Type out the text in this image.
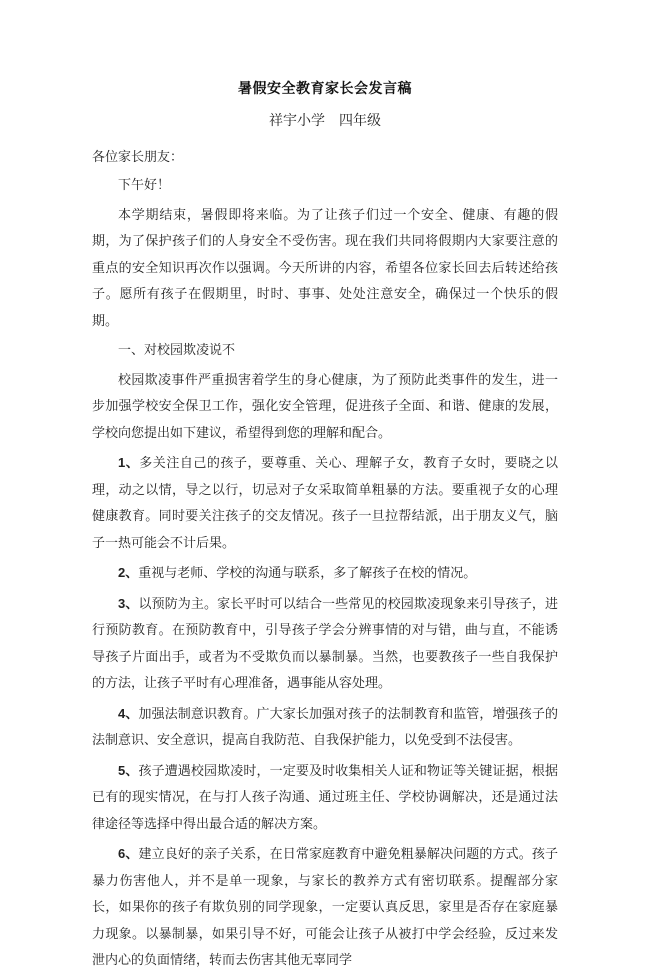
暑假安全教育家长会发言稿
祥宇小学　四年级
各位家长朋友：

下午好！

本学期结束，暑假即将来临。为了让孩子们过一个安全、健康、有趣的假期，为了保护孩子们的人身安全不受伤害。现在我们共同将假期内大家要注意的重点的安全知识再次作以强调。今天所讲的内容，希望各位家长回去后转述给孩子。愿所有孩子在假期里，时时、事事、处处注意安全，确保过一个快乐的假期。

一、对校园欺凌说不

校园欺凌事件严重损害着学生的身心健康，为了预防此类事件的发生，进一步加强学校安全保卫工作，强化安全管理，促进孩子全面、和谐、健康的发展，学校向您提出如下建议，希望得到您的理解和配合。

1、多关注自己的孩子，要尊重、关心、理解子女，教育子女时，要晓之以理，动之以情，导之以行，切忌对子女采取简单粗暴的方法。要重视子女的心理健康教育。同时要关注孩子的交友情况。孩子一旦拉帮结派，出于朋友义气，脑子一热可能会不计后果。

2、重视与老师、学校的沟通与联系，多了解孩子在校的情况。

3、以预防为主。家长平时可以结合一些常见的校园欺凌现象来引导孩子，进行预防教育。在预防教育中，引导孩子学会分辨事情的对与错，曲与直，不能诱导孩子片面出手，或者为不受欺负而以暴制暴。当然，也要教孩子一些自我保护的方法，让孩子平时有心理准备，遇事能从容处理。

4、加强法制意识教育。广大家长加强对孩子的法制教育和监管，增强孩子的法制意识、安全意识，提高自我防范、自我保护能力，以免受到不法侵害。

5、孩子遭遇校园欺凌时，一定要及时收集相关人证和物证等关键证据，根据已有的现实情况，在与打人孩子沟通、通过班主任、学校协调解决，还是通过法律途径等选择中得出最合适的解决方案。

6、建立良好的亲子关系，在日常家庭教育中避免粗暴解决问题的方式。孩子暴力伤害他人，并不是单一现象，与家长的教养方式有密切联系。提醒部分家长，如果你的孩子有欺负别的同学现象，一定要认真反思，家里是否存在家庭暴力现象。以暴制暴，如果引导不好，可能会让孩子从被打中学会经验，反过来发泄内心的负面情绪，转而去伤害其他无辜同学
